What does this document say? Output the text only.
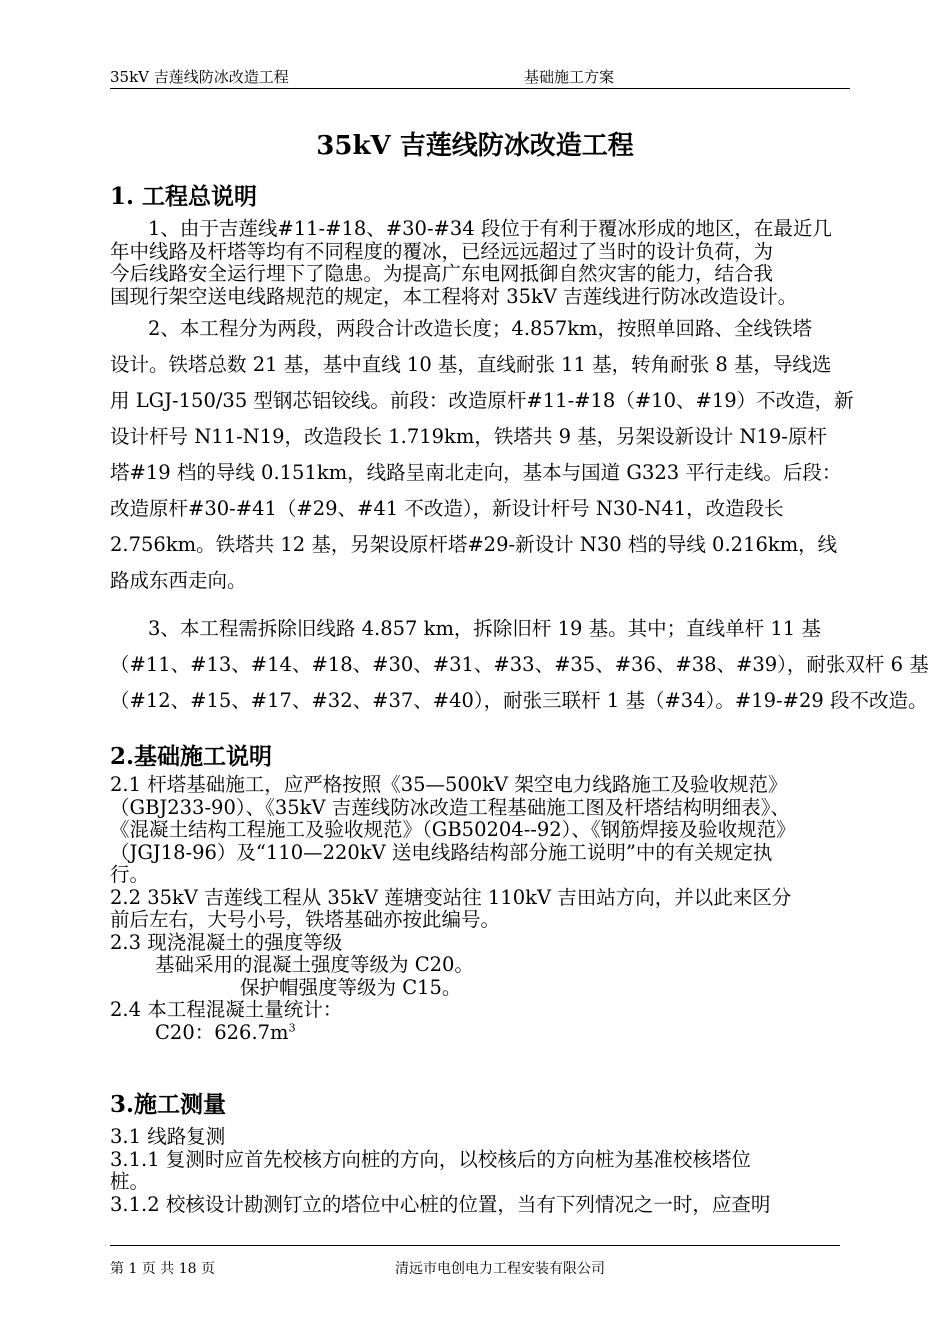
35kV 吉莲线防冰改造工程	基础施工方案
35kV 吉莲线防冰改造工程
1. 工程总说明
1、由于吉莲线#11-#18、#30-#34 段位于有利于覆冰形成的地区，在最近几
年中线路及杆塔等均有不同程度的覆冰，已经远远超过了当时的设计负荷，为
今后线路安全运行埋下了隐患。为提高广东电网抵御自然灾害的能力，结合我
国现行架空送电线路规范的规定，本工程将对 35kV 吉莲线进行防冰改造设计。
2、本工程分为两段，两段合计改造长度；4.857km，按照单回路、全线铁塔
设计。铁塔总数 21 基，基中直线 10 基，直线耐张 11 基，转角耐张 8 基，导线选
用 LGJ-150/35 型钢芯铝铰线。前段：改造原杆#11-#18（#10、#19）不改造，新
设计杆号 N11-N19，改造段长 1.719km，铁塔共 9 基，另架设新设计 N19-原杆
塔#19 档的导线 0.151km，线路呈南北走向，基本与国道 G323 平行走线。后段：
改造原杆#30-#41（#29、#41 不改造），新设计杆号 N30-N41，改造段长
2.756km。铁塔共 12 基，另架设原杆塔#29-新设计 N30 档的导线 0.216km，线
路成东西走向。
3、本工程需拆除旧线路 4.857 km，拆除旧杆 19 基。其中；直线单杆 11 基
（#11、#13、#14、#18、#30、#31、#33、#35、#36、#38、#39），耐张双杆 6 基
（#12、#15、#17、#32、#37、#40），耐张三联杆 1 基（#34）。#19-#29 段不改造。
2.基础施工说明
2.1 杆塔基础施工，应严格按照《35—500kV 架空电力线路施工及验收规范》
（GBJ233-90）、《35kV 吉莲线防冰改造工程基础施工图及杆塔结构明细表》、
《混凝土结构工程施工及验收规范》（GB50204--92）、《钢筋焊接及验收规范》
（JGJ18-96）及“110—220kV 送电线路结构部分施工说明”中的有关规定执
行。
2.2 35kV 吉莲线工程从 35kV 莲塘变站往 110kV 吉田站方向，并以此来区分
前后左右，大号小号，铁塔基础亦按此编号。
2.3 现浇混凝土的强度等级
基础采用的混凝土强度等级为 C20。
保护帽强度等级为 C15。
2.4 本工程混凝土量统计：
C20：$626.7m^3$
3.施工测量
3.1 线路复测
3.1.1 复测时应首先校核方向桩的方向，以校核后的方向桩为基准校核塔位
桩。
3.1.2 校核设计勘测钉立的塔位中心桩的位置，当有下列情况之一时，应查明
第 1 页 共 18 页	清远市电创电力工程安装有限公司
